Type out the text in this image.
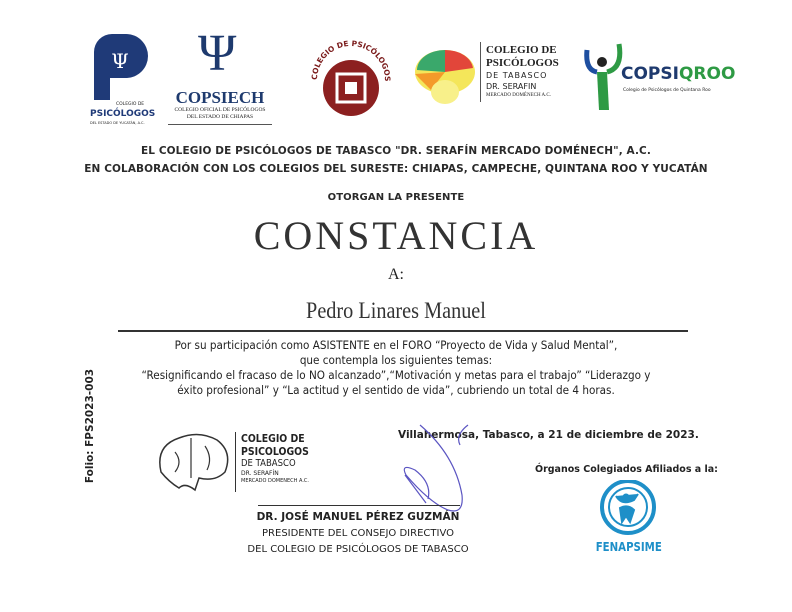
Ψ
COLEGIO DE
PSICÓLOGOS
DEL ESTADO DE YUCATÁN, A.C.
Ψ
COPSIECH
COLEGIO OFICIAL DE PSICÓLOGOS
DEL ESTADO DE CHIAPAS
COLEGIO DE PSICÓLOGOS
COLEGIO DE
PSICÓLOGOS
DE TABASCO
DR. SERAFIN
MERCADO DOMÉNECH A.C.
COPSIQROO
Colegio de Psicólogos de Quintana Roo
EL COLEGIO DE PSICÓLOGOS DE TABASCO "DR. SERAFÍN MERCADO DOMÉNECH", A.C.
EN COLABORACIÓN CON LOS COLEGIOS DEL SURESTE: CHIAPAS, CAMPECHE, QUINTANA ROO Y YUCATÁN
OTORGAN LA PRESENTE
CONSTANCIA
A:
Pedro Linares Manuel
Por su participación como ASISTENTE en el FORO “Proyecto de Vida y Salud Mental”,
que contempla los siguientes temas:
“Resignificando el fracaso de lo NO alcanzado”,“Motivación y metas para el trabajo” “Liderazgo y
éxito profesional” y “La actitud y el sentido de vida”, cubriendo un total de 4 horas.
Folio: FPS2023-003	COLEGIO DE
PSICOLOGOS
DE TABASCO
DR. SERAFÍN
MERCADO DOMENECH A.C.
Villahermosa, Tabasco, a 21 de diciembre de 2023.
Órganos Colegiados Afiliados a la:
DR. JOSÉ MANUEL PÉREZ GUZMÁN
PRESIDENTE DEL CONSEJO DIRECTIVO
DEL COLEGIO DE PSICÓLOGOS DE TABASCO	FENAPSIME
